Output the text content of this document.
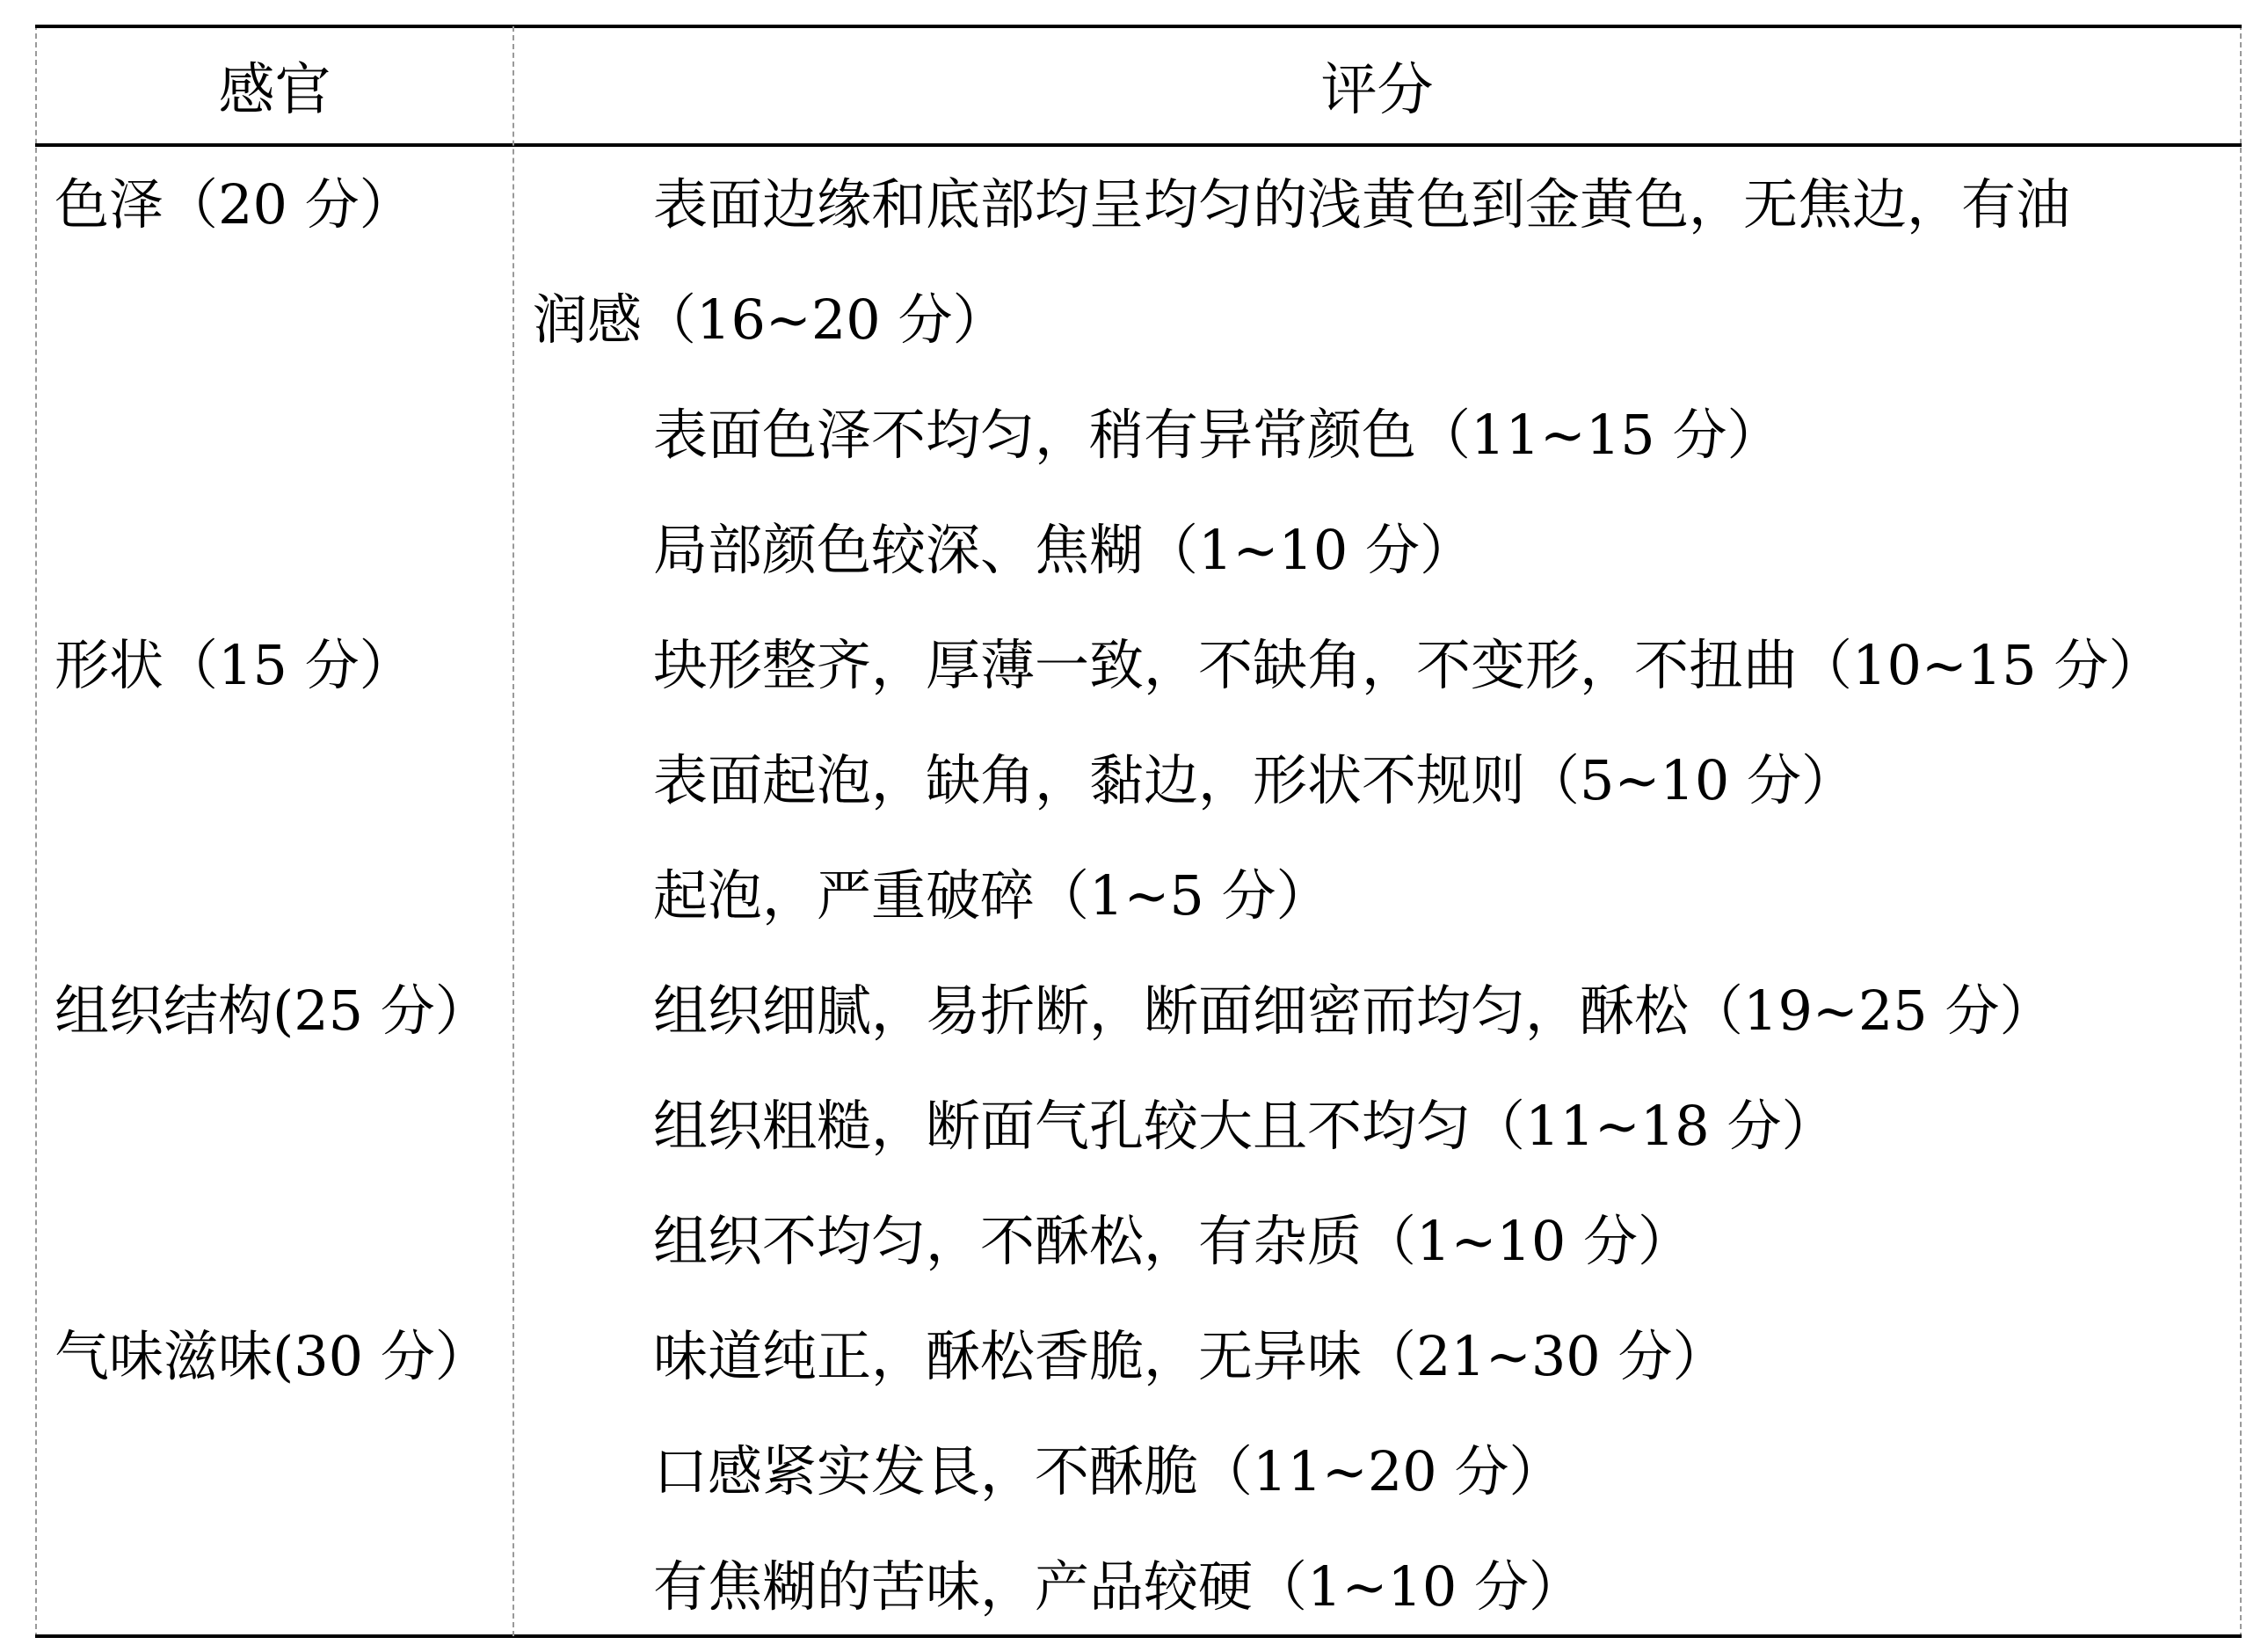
感官	评分
色泽（20 分）	表面边缘和底部均呈均匀的浅黄色到金黄色，无焦边，有油
润感（16~20 分）
表面色泽不均匀，稍有异常颜色（11~15 分）
局部颜色较深、焦糊（1~10 分）
形状（15 分）	块形整齐，厚薄一致，不缺角，不变形，不扭曲（10~15 分）
表面起泡，缺角，黏边，形状不规则（5~10 分）
起泡，严重破碎（1~5 分）
组织结构(25 分）	组织细腻，易折断，断面细密而均匀，酥松（19~25 分）
组织粗糙，断面气孔较大且不均匀（11~18 分）
组织不均匀，不酥松，有杂质（1~10 分）
气味滋味(30 分）	味道纯正，酥松香脆，无异味（21~30 分）
口感紧实发艮，不酥脆（11~20 分）
有焦糊的苦味，产品较硬（1~10 分）
